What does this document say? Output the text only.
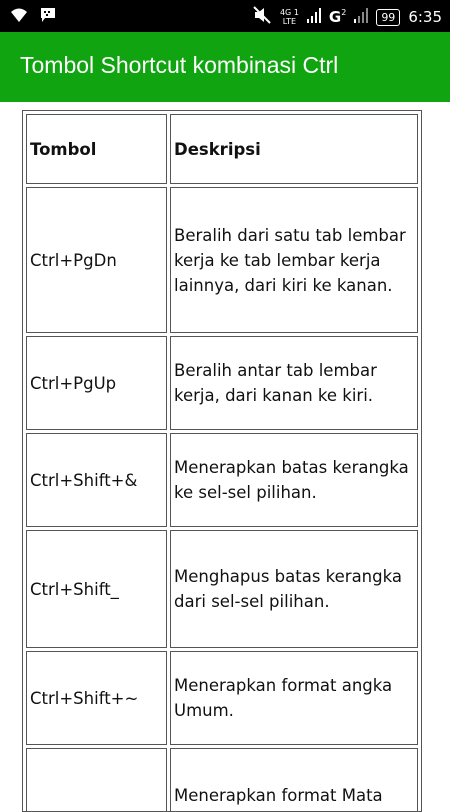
4G 1
LTE G 2	99 6:35
Tombol Shortcut kombinasi Ctrl
Tombol	Deskripsi
Ctrl+PgDn	Beralih dari satu tab lembar kerja ke tab lembar kerja lainnya, dari kiri ke kanan.
Ctrl+PgUp	Beralih antar tab lembar kerja, dari kanan ke kiri.
Ctrl+Shift+&	Menerapkan batas kerangka ke sel-sel pilihan.
Ctrl+Shift_	Menghapus batas kerangka dari sel-sel pilihan.
Ctrl+Shift+~	Menerapkan format angka Umum.
	Menerapkan format Mata
